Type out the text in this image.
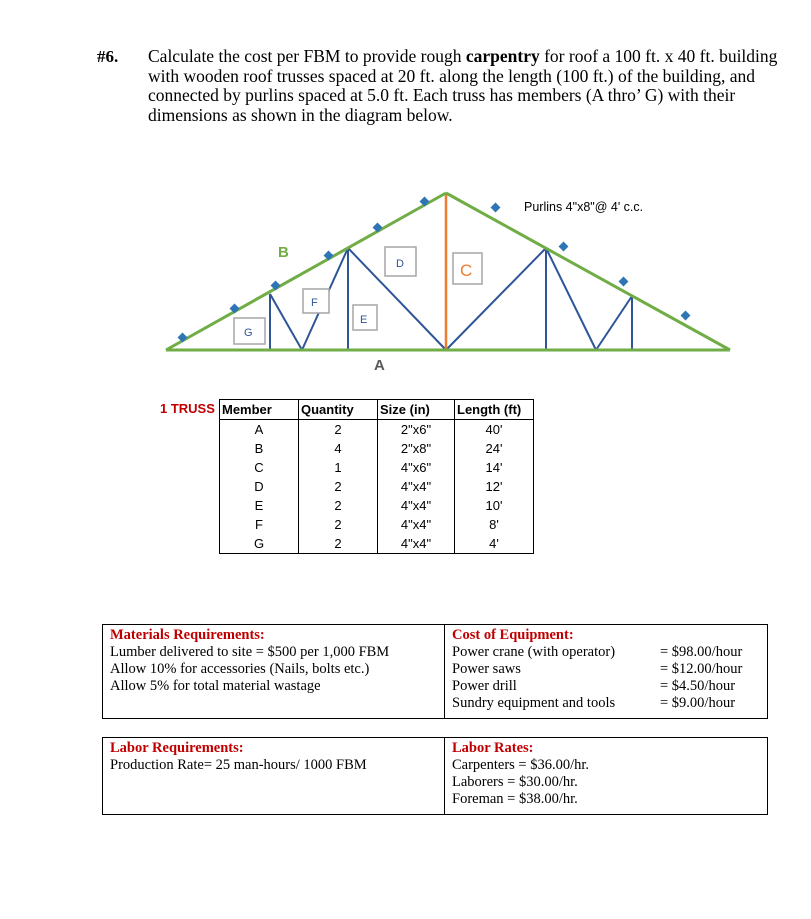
#6. Calculate the cost per FBM to provide rough carpentry for roof a 100 ft. x 40 ft. building with wooden roof trusses spaced at 20 ft. along the length (100 ft.) of the building, and connected by purlins spaced at 5.0 ft. Each truss has members (A thro’ G) with their dimensions as shown in the diagram below.
A
B
C
D
E
F
G
Purlins 4"x8"@ 4' c.c.
1 TRUSS Member	Quantity	Size (in)	Length (ft)
A	2	2"x6"	40'
B	4	2"x8"	24'
C	1	4"x6"	14'
D	2	4"x4"	12'
E	2	4"x4"	10'
F	2	4"x4"	8'
G	2	4"x4"	4'
Materials Requirements:
Lumber delivered to site = $500 per 1,000 FBM
Allow 10% for accessories (Nails, bolts etc.)
Allow 5% for total material wastage
Cost of Equipment:
Power crane (with operator)	= $98.00/hour
Power saws	= $12.00/hour
Power drill	= $4.50/hour
Sundry equipment and tools	= $9.00/hour
Labor Requirements:
Production Rate= 25 man-hours/ 1000 FBM
Labor Rates:
Carpenters = $36.00/hr.
Laborers = $30.00/hr.
Foreman = $38.00/hr.
